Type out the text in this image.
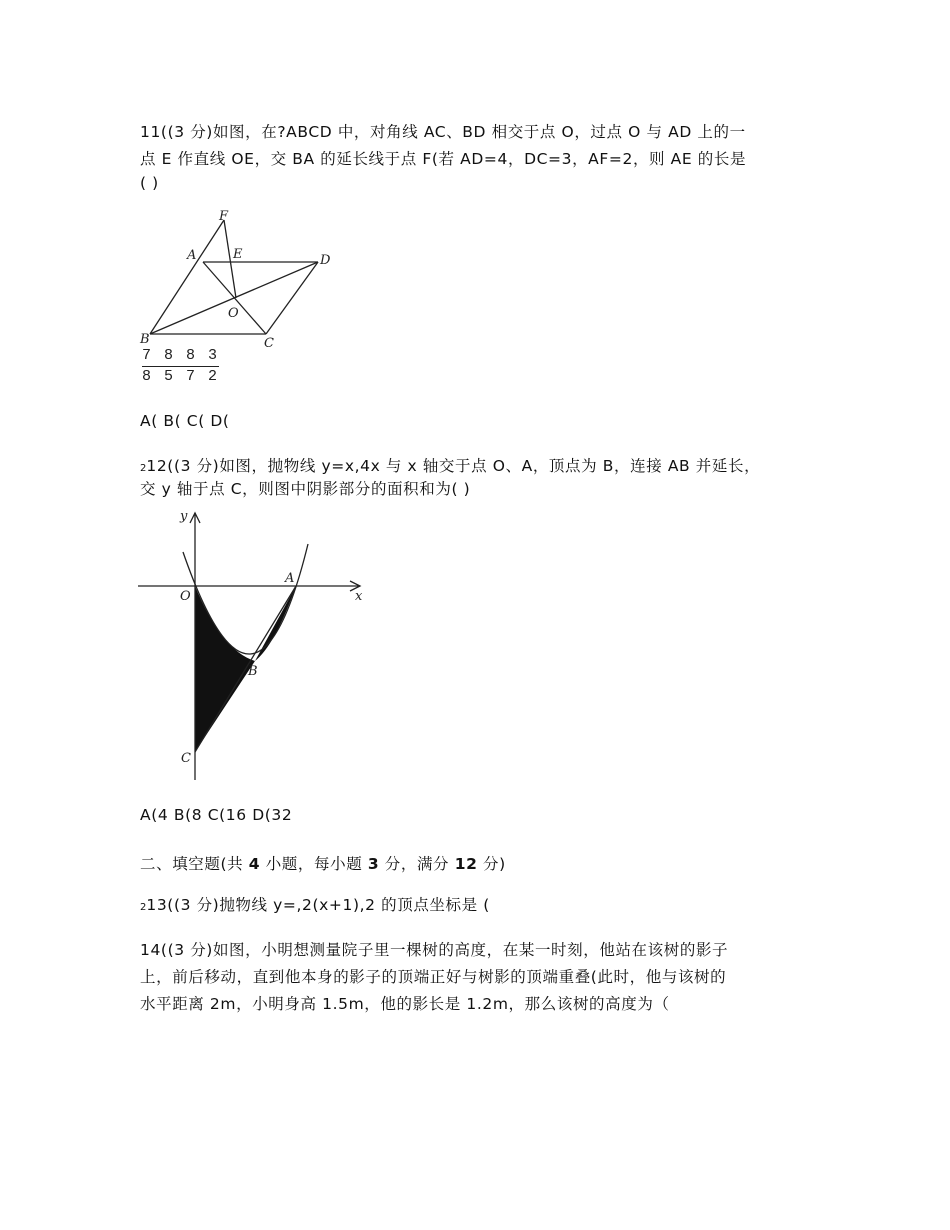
11((3 分)如图，在?ABCD 中，对角线 AC、BD 相交于点 O，过点 O 与 AD 上的一
点 E 作直线 OE，交 BA 的延长线于点 F(若 AD=4，DC=3，AF=2，则 AE 的长是
( )
F
A	E	D
O
B	C
7 8 8 3
8 5 7 2
A( B( C( D(
212((3 分)如图，抛物线 y=x,4x 与 x 轴交于点 O、A，顶点为 B，连接 AB 并延长，
交 y 轴于点 C，则图中阴影部分的面积和为( )
y
x
O
A
B
C
A(4 B(8 C(16 D(32
二、填空题(共 4 小题，每小题 3 分，满分 12 分)
213((3 分)抛物线 y=,2(x+1),2 的顶点坐标是 (
14((3 分)如图，小明想测量院子里一棵树的高度，在某一时刻，他站在该树的影子
上，前后移动，直到他本身的影子的顶端正好与树影的顶端重叠(此时，他与该树的
水平距离 2m，小明身高 1.5m，他的影长是 1.2m，那么该树的高度为（
